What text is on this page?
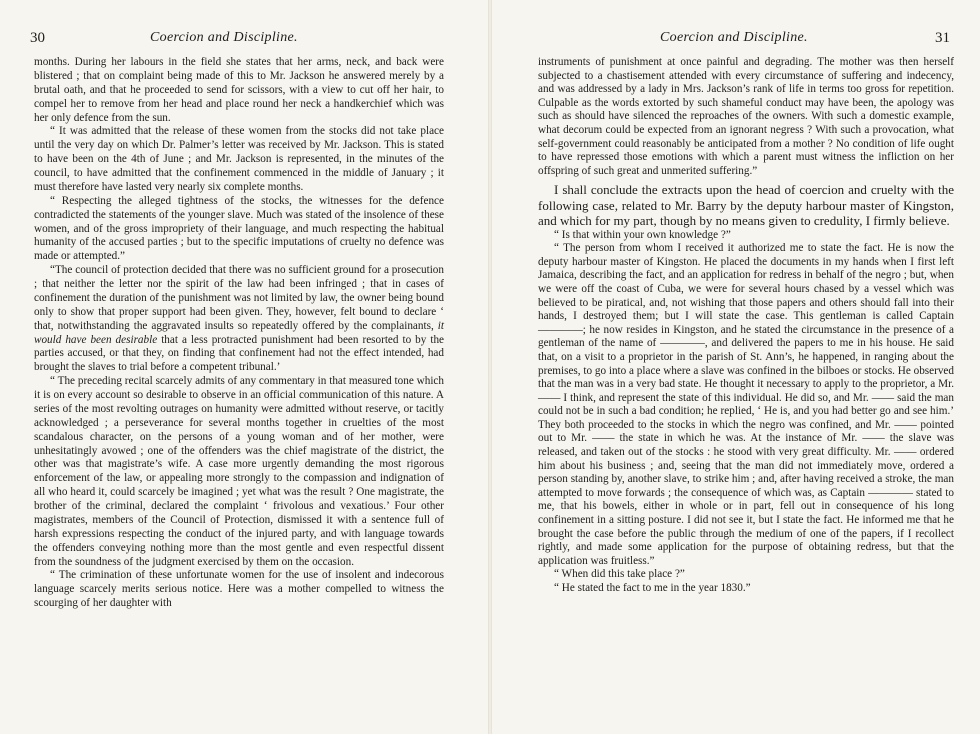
30	Coercion and Discipline.

months. During her labours in the field she states that her arms, neck, and back were blistered ; that on complaint being made of this to Mr. Jackson he answered merely by a brutal oath, and that he proceeded to send for scissors, with a view to cut off her hair, to compel her to remove from her head and place round her neck a handkerchief which was her only defence from the sun.

“ It was admitted that the release of these women from the stocks did not take place until the very day on which Dr. Palmer’s letter was received by Mr. Jackson. This is stated to have been on the 4th of June ; and Mr. Jackson is represented, in the minutes of the council, to have admitted that the confinement commenced in the middle of January ; it must therefore have lasted very nearly six complete months.

“ Respecting the alleged tightness of the stocks, the witnesses for the defence contradicted the statements of the younger slave. Much was stated of the insolence of these women, and of the gross impropriety of their language, and much respecting the habitual humanity of the accused parties ; but to the specific imputations of cruelty no defence was made or attempted.”

“The council of protection decided that there was no sufficient ground for a prosecution ; that neither the letter nor the spirit of the law had been infringed ; that in cases of confinement the duration of the punishment was not limited by law, the owner being bound only to show that proper support had been given. They, however, felt bound to declare ‘ that, notwithstanding the aggravated insults so repeatedly offered by the complainants, it would have been desirable that a less protracted punishment had been resorted to by the parties accused, or that they, on finding that confinement had not the effect intended, had brought the slaves to trial before a competent tribunal.’

“ The preceding recital scarcely admits of any commentary in that measured tone which it is on every account so desirable to observe in an official communication of this nature. A series of the most revolting outrages on humanity were admitted without reserve, or tacitly acknowledged ; a perseverance for several months together in cruelties of the most scandalous character, on the persons of a young woman and of her mother, were unhesitatingly avowed ; one of the offenders was the chief magistrate of the district, the other was that magistrate’s wife. A case more urgently demanding the most rigorous enforcement of the law, or appealing more strongly to the compassion and indignation of all who heard it, could scarcely be imagined ; yet what was the result ? One magistrate, the brother of the criminal, declared the complaint ‘ frivolous and vexatious.’ Four other magistrates, members of the Council of Protection, dismissed it with a sentence full of harsh expressions respecting the conduct of the injured party, and with language towards the offenders conveying nothing more than the most gentle and even respectful dissent from the soundness of the judgment exercised by them on the occasion.

“ The crimination of these unfortunate women for the use of insolent and indecorous language scarcely merits serious notice. Here was a mother compelled to witness the scourging of her daughter with

Coercion and Discipline.	31

instruments of punishment at once painful and degrading. The mother was then herself subjected to a chastisement attended with every circumstance of suffering and indecency, and was addressed by a lady in Mrs. Jackson’s rank of life in terms too gross for repetition. Culpable as the words extorted by such shameful conduct may have been, the apology was such as should have silenced the reproaches of the owners. With such a domestic example, what decorum could be expected from an ignorant negress ? With such a provocation, what self-government could reasonably be anticipated from a mother ? No condition of life ought to have repressed those emotions with which a parent must witness the infliction on her offspring of such great and unmerited suffering.”

I shall conclude the extracts upon the head of coercion and cruelty with the following case, related to Mr. Barry by the deputy harbour master of Kingston, and which for my part, though by no means given to credulity, I firmly believe.

“ Is that within your own knowledge ?”

“ The person from whom I received it authorized me to state the fact. He is now the deputy harbour master of Kingston. He placed the documents in my hands when I first left Jamaica, describing the fact, and an application for redress in behalf of the negro ; but, when we were off the coast of Cuba, we were for several hours chased by a vessel which was believed to be piratical, and, not wishing that those papers and others should fall into their hands, I destroyed them; but I will state the case. This gentleman is called Captain ————; he now resides in Kingston, and he stated the circumstance in the presence of a gentleman of the name of ————, and delivered the papers to me in his house. He said that, on a visit to a proprietor in the parish of St. Ann’s, he happened, in ranging about the premises, to go into a place where a slave was confined in the bilboes or stocks. He observed that the man was in a very bad state. He thought it necessary to apply to the proprietor, a Mr. —— I think, and represent the state of this individual. He did so, and Mr. —— said the man could not be in such a bad condition; he replied, ‘ He is, and you had better go and see him.’ They both proceeded to the stocks in which the negro was confined, and Mr. —— pointed out to Mr. —— the state in which he was. At the instance of Mr. —— the slave was released, and taken out of the stocks : he stood with very great difficulty. Mr. —— ordered him about his business ; and, seeing that the man did not immediately move, ordered a person standing by, another slave, to strike him ; and, after having received a stroke, the man attempted to move forwards ; the consequence of which was, as Captain ———— stated to me, that his bowels, either in whole or in part, fell out in consequence of his long confinement in a sitting posture. I did not see it, but I state the fact. He informed me that he brought the case before the public through the medium of one of the papers, if I recollect rightly, and made some application for the purpose of obtaining redress, but that the application was fruitless.”

“ When did this take place ?”

“ He stated the fact to me in the year 1830.”
